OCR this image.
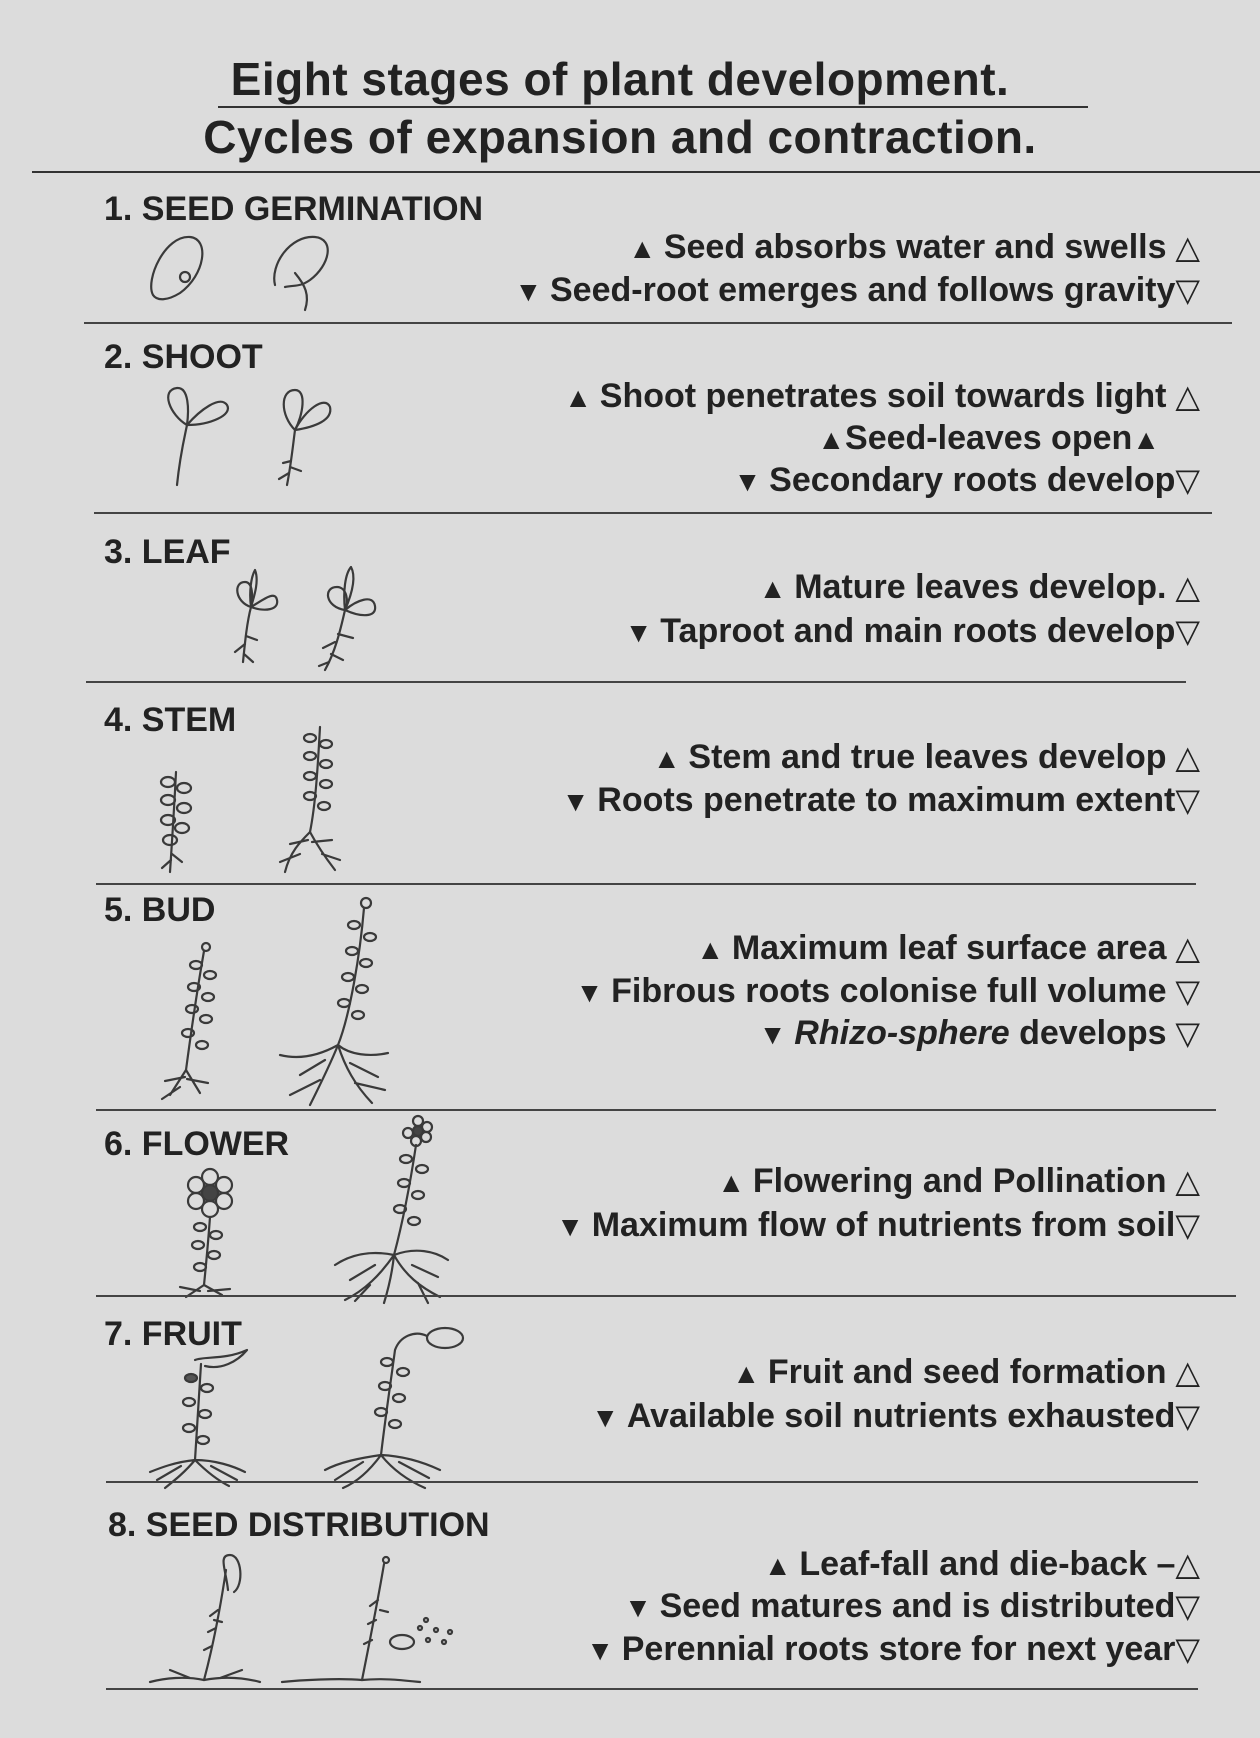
Eight stages of plant development.
Cycles of expansion and contraction.
1. SEED GERMINATION
▲ Seed absorbs water and swells △
▼ Seed-root emerges and follows gravity▽
2. SHOOT
▲ Shoot penetrates soil towards light △
▲Seed-leaves open▲
▼ Secondary roots develop▽
3. LEAF
▲ Mature leaves develop. △
▼ Taproot and main roots develop▽
4. STEM
▲ Stem and true leaves develop △
▼ Roots penetrate to maximum extent▽
5. BUD
▲ Maximum leaf surface area △
▼ Fibrous roots colonise full volume ▽
▼ Rhizo-sphere develops ▽
6. FLOWER
▲ Flowering and Pollination △
▼ Maximum flow of nutrients from soil▽
7. FRUIT
▲ Fruit and seed formation △
▼ Available soil nutrients exhausted▽
8. SEED DISTRIBUTION
▲ Leaf-fall and die-back –△
▼ Seed matures and is distributed▽
▼ Perennial roots store for next year▽
